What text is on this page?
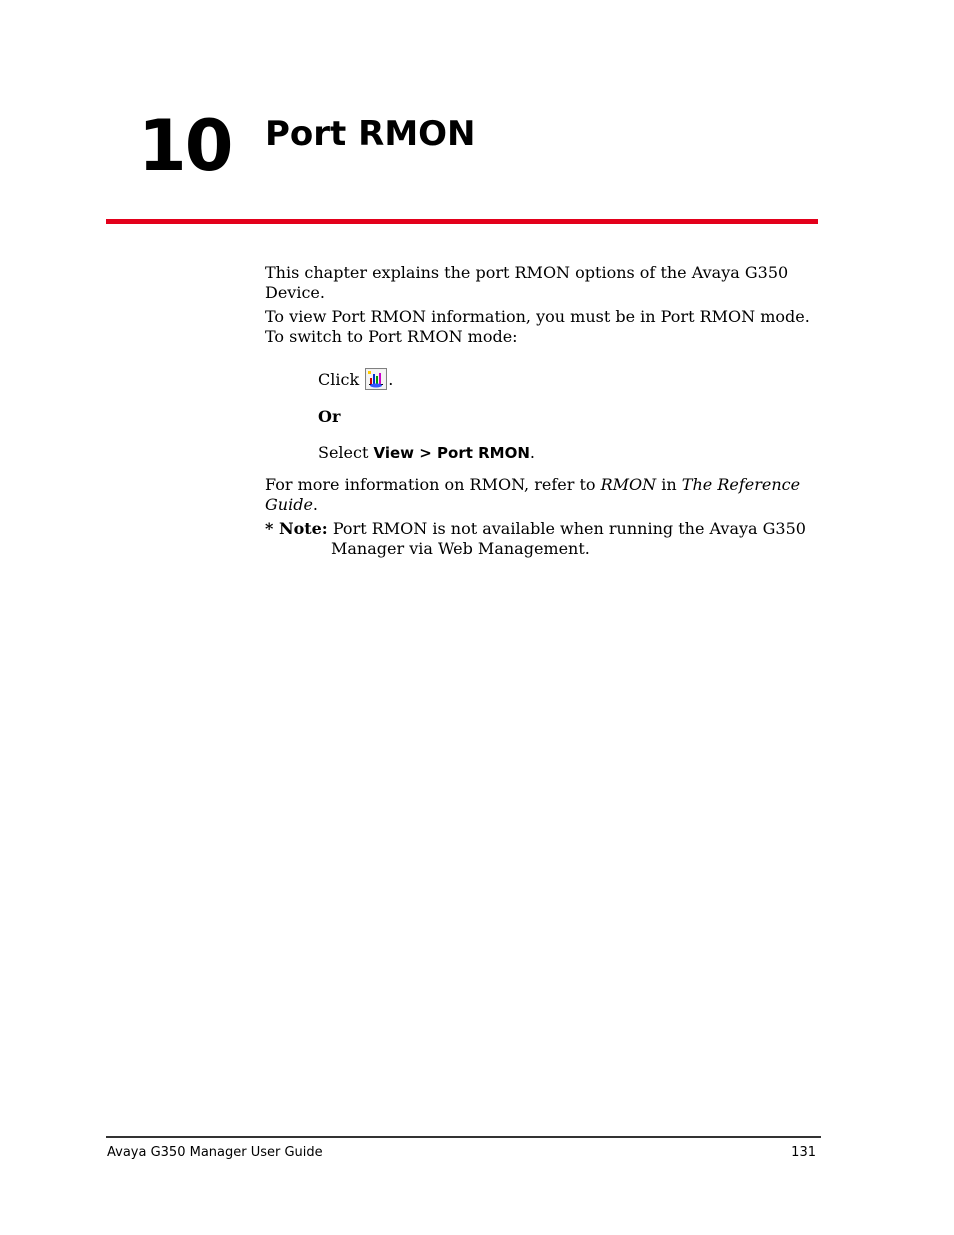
10 Port RMON

This chapter explains the port RMON options of the Avaya G350 Device.

To view Port RMON information, you must be in Port RMON mode. To switch to Port RMON mode:

Click .
Or
Select View > Port RMON.

For more information on RMON, refer to RMON in The Reference Guide.

* Note: Port RMON is not available when running the Avaya G350
Manager via Web Management.
Avaya G350 Manager User Guide	131
